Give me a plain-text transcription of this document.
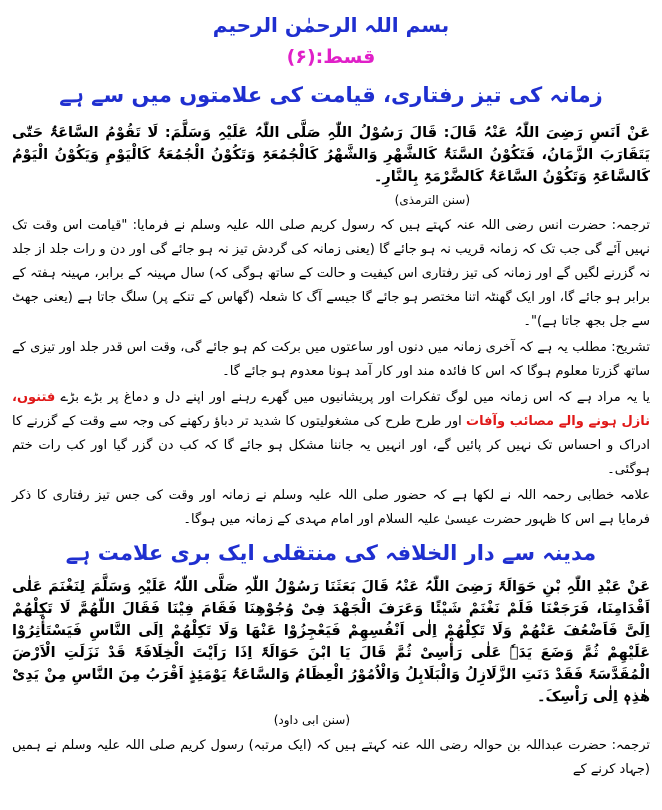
بسم اللہ الرحمٰن الرحیم
قسط:(۶)
زمانہ کی تیز رفتاری، قیامت کی علامتوں میں سے ہے
عَنْ اَنَسِ رَضِیَ اللّٰہُ عَنْہُ قَالَ: قَالَ رَسُوْلُ اللّٰہِ صَلَّی اللّٰہُ عَلَیْہِ وَسَلَّمَ: لَا تَقُوْمُ السَّاعَۃُ حَتّٰی یَتَقَارَبَ الزَّمَانُ، فَتَکُوْنُ السَّنَۃُ کَالشَّھْرِ وَالشَّھْرُ کَالْجُمُعَۃِ وَتَکُوْنُ الْجُمُعَۃُ کَالْیَوْمِ وَیَکُوْنُ الْیَوْمُ کَالسَّاعَۃِ وَتَکُوْنُ السَّاعَۃُ کَالضَّرْمَۃِ بِالنَّارِ۔
(سنن الترمذی)
ترجمہ: حضرت انس رضی اللہ عنہ کہتے ہیں کہ رسول کریم صلی اللہ علیہ وسلم نے فرمایا: "قیامت اس وقت تک نہیں آئے گی جب تک کہ زمانہ قریب نہ ہو جائے گا (یعنی زمانہ کی گردش تیز نہ ہو جائے گی اور دن و رات جلد از جلد نہ گزرنے لگیں گے اور زمانہ کی تیز رفتاری اس کیفیت و حالت کے ساتھ ہوگی کہ) سال مہینہ کے برابر، مہینہ ہفتہ کے برابر ہو جائے گا، اور ایک گھنٹہ اتنا مختصر ہو جائے گا جیسے آگ کا شعلہ (گھاس کے تنکے پر) سلگ جاتا ہے (یعنی جھٹ سے جل بجھ جاتا ہے)"۔
تشریح: مطلب یہ ہے کہ آخری زمانہ میں دنوں اور ساعتوں میں برکت کم ہو جائے گی، وقت اس قدر جلد اور تیزی کے ساتھ گزرتا معلوم ہوگا کہ اس کا فائدہ مند اور کار آمد ہونا معدوم ہو جائے گا۔
یا یہ مراد ہے کہ اس زمانہ میں لوگ تفکرات اور پریشانیوں میں گھرے رہنے اور اپنے دل و دماغ پر بڑے بڑے فتنوں، نازل ہونے والے مصائب وآفات اور طرح طرح کی مشغولیتوں کا شدید تر دباؤ رکھنے کی وجہ سے وقت کے گزرنے کا ادراک و احساس تک نہیں کر پائیں گے، اور انہیں یہ جاننا مشکل ہو جائے گا کہ کب دن گزر گیا اور کب رات ختم ہوگئی۔
علامہ خطابی رحمہ اللہ نے لکھا ہے کہ حضور صلی اللہ علیہ وسلم نے زمانہ اور وقت کی جس تیز رفتاری کا ذکر فرمایا ہے اس کا ظہور حضرت عیسیٰ علیہ السلام اور امام مہدی کے زمانہ میں ہوگا۔
مدینہ سے دار الخلافہ کی منتقلی ایک بری علامت ہے
عَنْ عَبْدِ اللّٰہِ بْنِ حَوَالَۃَ رَضِیَ اللّٰہُ عَنْہُ قَالَ بَعَثَنَا رَسُوْلُ اللّٰہِ صَلَّی اللّٰہُ عَلَیْہِ وَسَلَّمَ لِنَغْنَمَ عَلٰی اَقْدَامِنَا، فَرَجَعْنَا فَلَمْ نَغْنَمْ شَیْئًا وَعَرَفَ الْجَھْدَ فِیْ وُجُوْھِنَا فَقَامَ فِیْنَا فَقَالَ اللّٰھُمَّ لَا تَکِلْھُمْ اِلَیَّ فَاَضْعُفَ عَنْھُمْ وَلَا تَکِلْھُمْ اِلٰی اَنْفُسِھِمْ فَیَعْجِزُوْا عَنْھَا وَلَا تَکِلْھُمْ اِلَی النَّاسِ فَیَسْتَأْثِرُوْا عَلَیْھِمْ ثُمَّ وَضَعَ یَدَہٗ عَلٰی رَأْسِیْ ثُمَّ قَالَ یَا ابْنَ حَوَالَۃَ اِذَا رَاَیْتَ الْخِلَافَۃَ قَدْ نَزَلَتِ الْاَرْضَ الْمُقَدَّسَۃَ فَقَدْ دَنَتِ الزَّلَازِلُ وَالْبَلَابِلُ وَالْاُمُوْرُ الْعِظَامُ وَالسَّاعَۃُ یَوْمَئِذٍ اَقْرَبُ مِنَ النَّاسِ مِنْ یَدِیْ ھٰذِہٖ اِلٰی رَاْسِکَ۔
(سنن ابی داود)
ترجمہ: حضرت عبداللہ بن حوالہ رضی اللہ عنہ کہتے ہیں کہ (ایک مرتبہ) رسول کریم صلی اللہ علیہ وسلم نے ہمیں (جہاد کرنے کے
